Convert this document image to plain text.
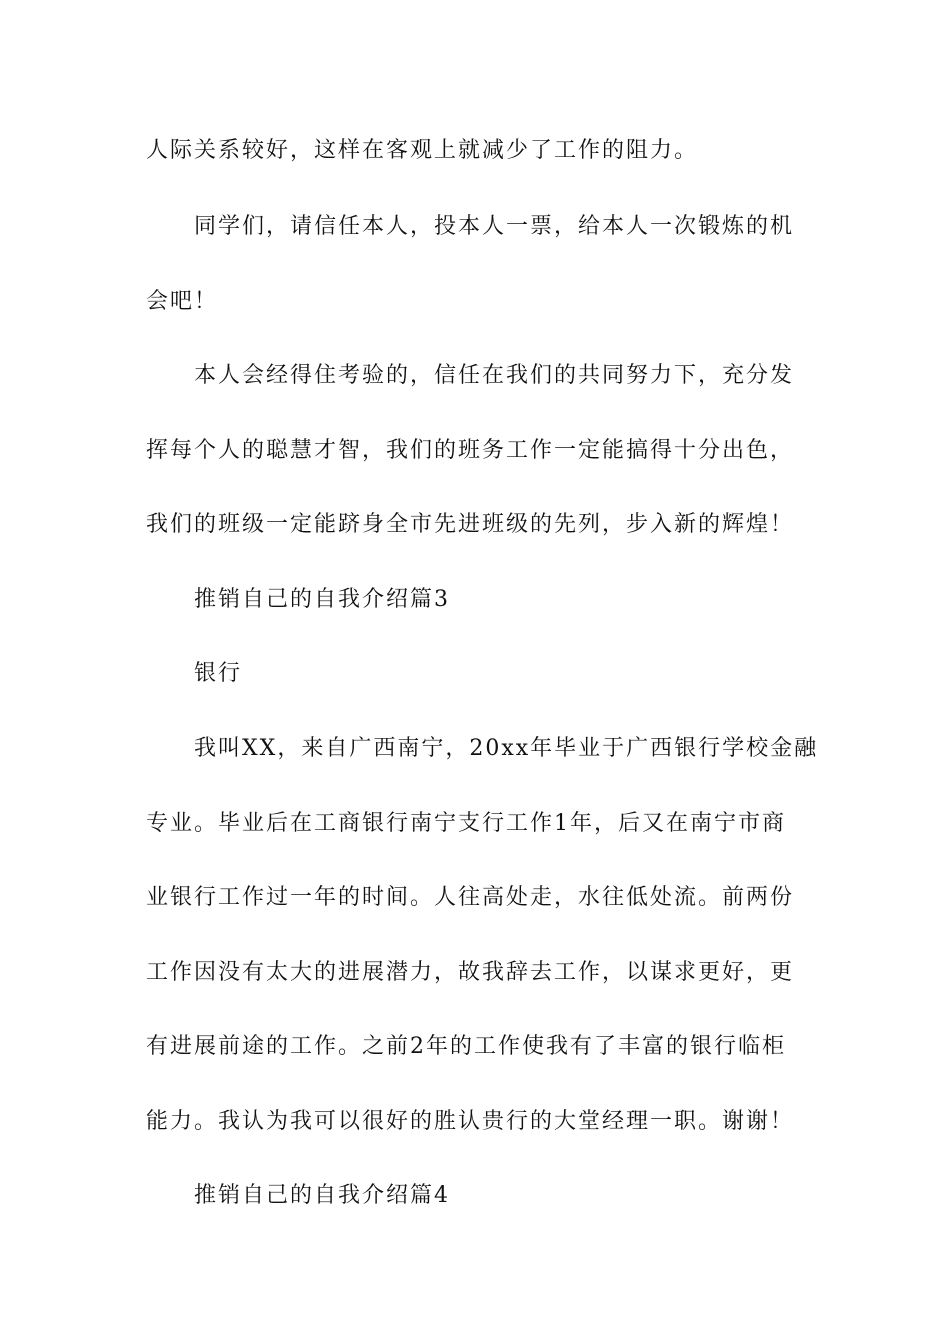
人际关系较好，这样在客观上就减少了工作的阻力。
同学们，请信任本人，投本人一票，给本人一次锻炼的机
会吧！
本人会经得住考验的，信任在我们的共同努力下，充分发
挥每个人的聪慧才智，我们的班务工作一定能搞得十分出色，
我们的班级一定能跻身全市先进班级的先列，步入新的辉煌！
推销自己的自我介绍篇3
银行
我叫XX，来自广西南宁，20xx年毕业于广西银行学校金融
专业。毕业后在工商银行南宁支行工作1年，后又在南宁市商
业银行工作过一年的时间。人往高处走，水往低处流。前两份
工作因没有太大的进展潜力，故我辞去工作，以谋求更好，更
有进展前途的工作。之前2年的工作使我有了丰富的银行临柜
能力。我认为我可以很好的胜认贵行的大堂经理一职。谢谢！
推销自己的自我介绍篇4
